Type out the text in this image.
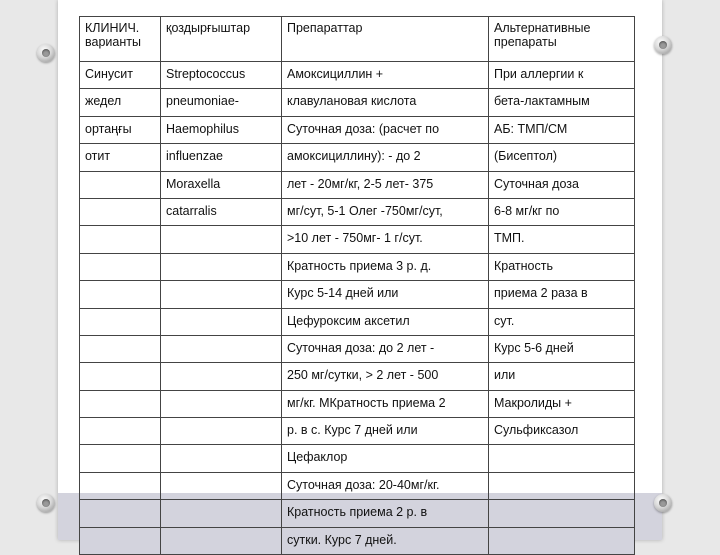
КЛИНИЧ. варианты	қоздырғыштар	Препараттар	Альтернативные препараты
Синусит	Streptococcus	Амоксициллин +	При аллергии к
жедел	pneumoniae-	клавулановая кислота	бета-лактамным
ортаңғы	Haemophilus	Суточная доза: (расчет по	АБ: ТМП/СМ
отит	influenzae	амоксициллину): - до 2	(Бисептол)
	Moraxella	лет - 20мг/кг, 2-5 лет- 375	Суточная доза
	catarralis	мг/сут, 5-1 Олег -750мг/сут,	6-8 мг/кг по
		>10 лет - 750мг- 1 г/сут.	ТМП.
		Кратность приема 3 р. д.	Кратность
		Курс 5-14 дней или	приема 2 раза в
		Цефуроксим аксетил	сут.
		Суточная доза: до 2 лет -	Курс 5-6 дней
		250 мг/сутки, > 2 лет - 500	или
		мг/кг. МКратность приема 2	Макролиды +
		р. в с. Курс 7 дней или	Сульфиксазол
		Цефаклор	
		Суточная доза: 20-40мг/кг.	
		Кратность приема 2 р. в	
		сутки. Курс 7 дней.	
